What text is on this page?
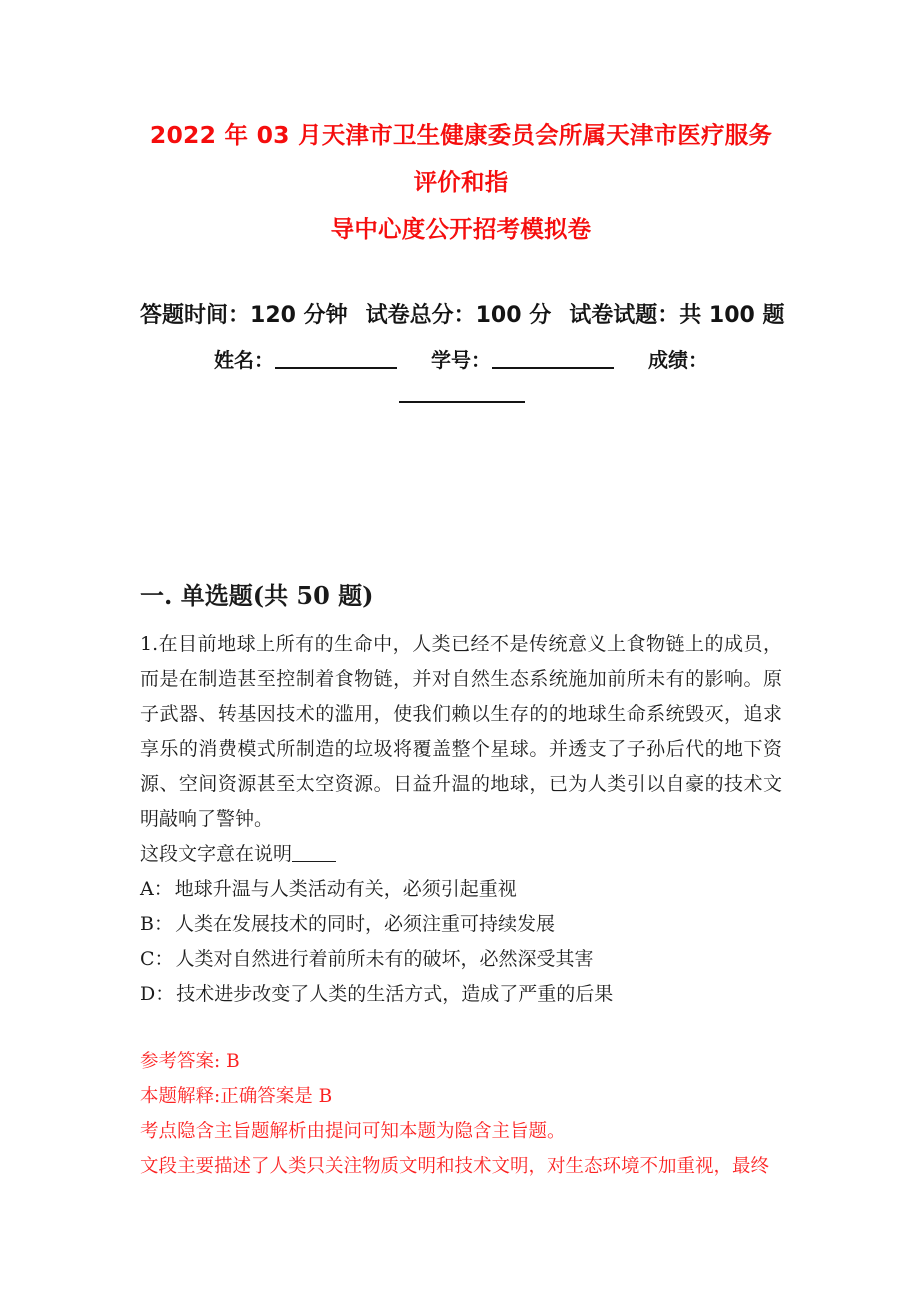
2022 年 03 月天津市卫生健康委员会所属天津市医疗服务评价和指
导中心度公开招考模拟卷

答题时间：120 分钟 试卷总分：100 分 试卷试题：共 100 题

姓名：	学号：	成绩：

一. 单选题(共 50 题)

1.在目前地球上所有的生命中，人类已经不是传统意义上食物链上的成员，而是在制造甚至控制着食物链，并对自然生态系统施加前所未有的影响。原子武器、转基因技术的滥用，使我们赖以生存的的地球生命系统毁灭，追求享乐的消费模式所制造的垃圾将覆盖整个星球。并透支了子孙后代的地下资源、空间资源甚至太空资源。日益升温的地球，已为人类引以自豪的技术文明敲响了警钟。

这段文字意在说明

A： 地球升温与人类活动有关，必须引起重视
B： 人类在发展技术的同时，必须注重可持续发展
C： 人类对自然进行着前所未有的破坏，必然深受其害
D： 技术进步改变了人类的生活方式，造成了严重的后果

参考答案: B

本题解释:正确答案是 B

考点隐含主旨题解析由提问可知本题为隐含主旨题。

文段主要描述了人类只关注物质文明和技术文明，对生态环境不加重视，最终
